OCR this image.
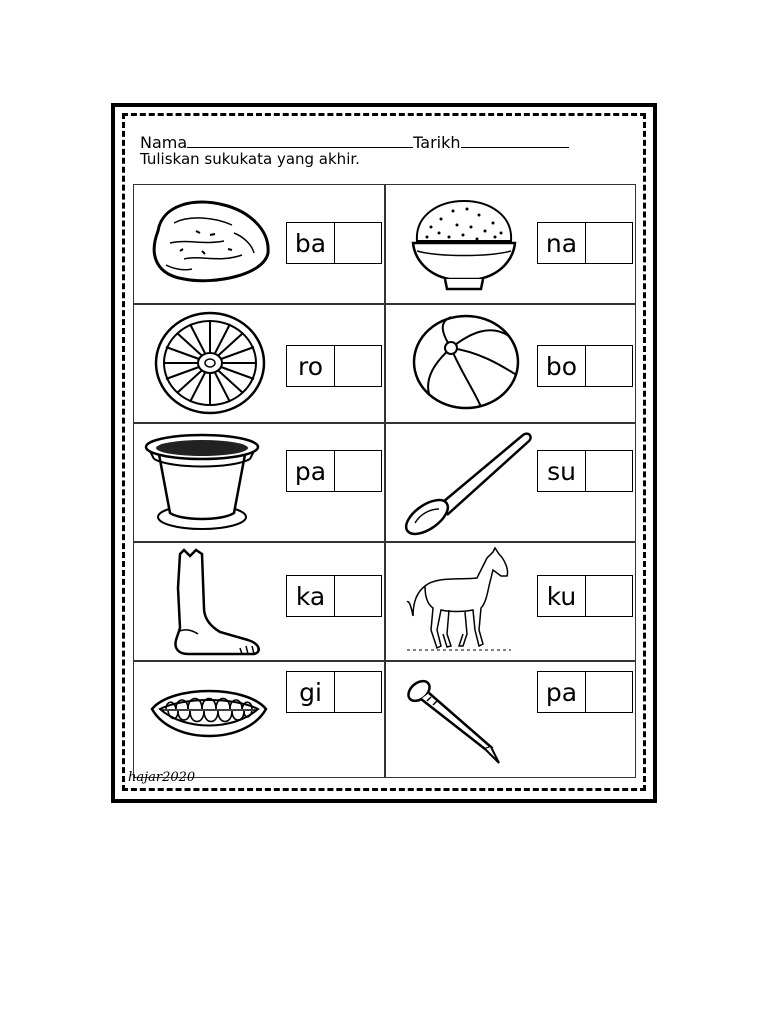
Nama	Tarikh
Tuliskan sukukata yang akhir.
ba	na
ro	bo
pa	su
ka	ku
gi	pa
hajar2020
